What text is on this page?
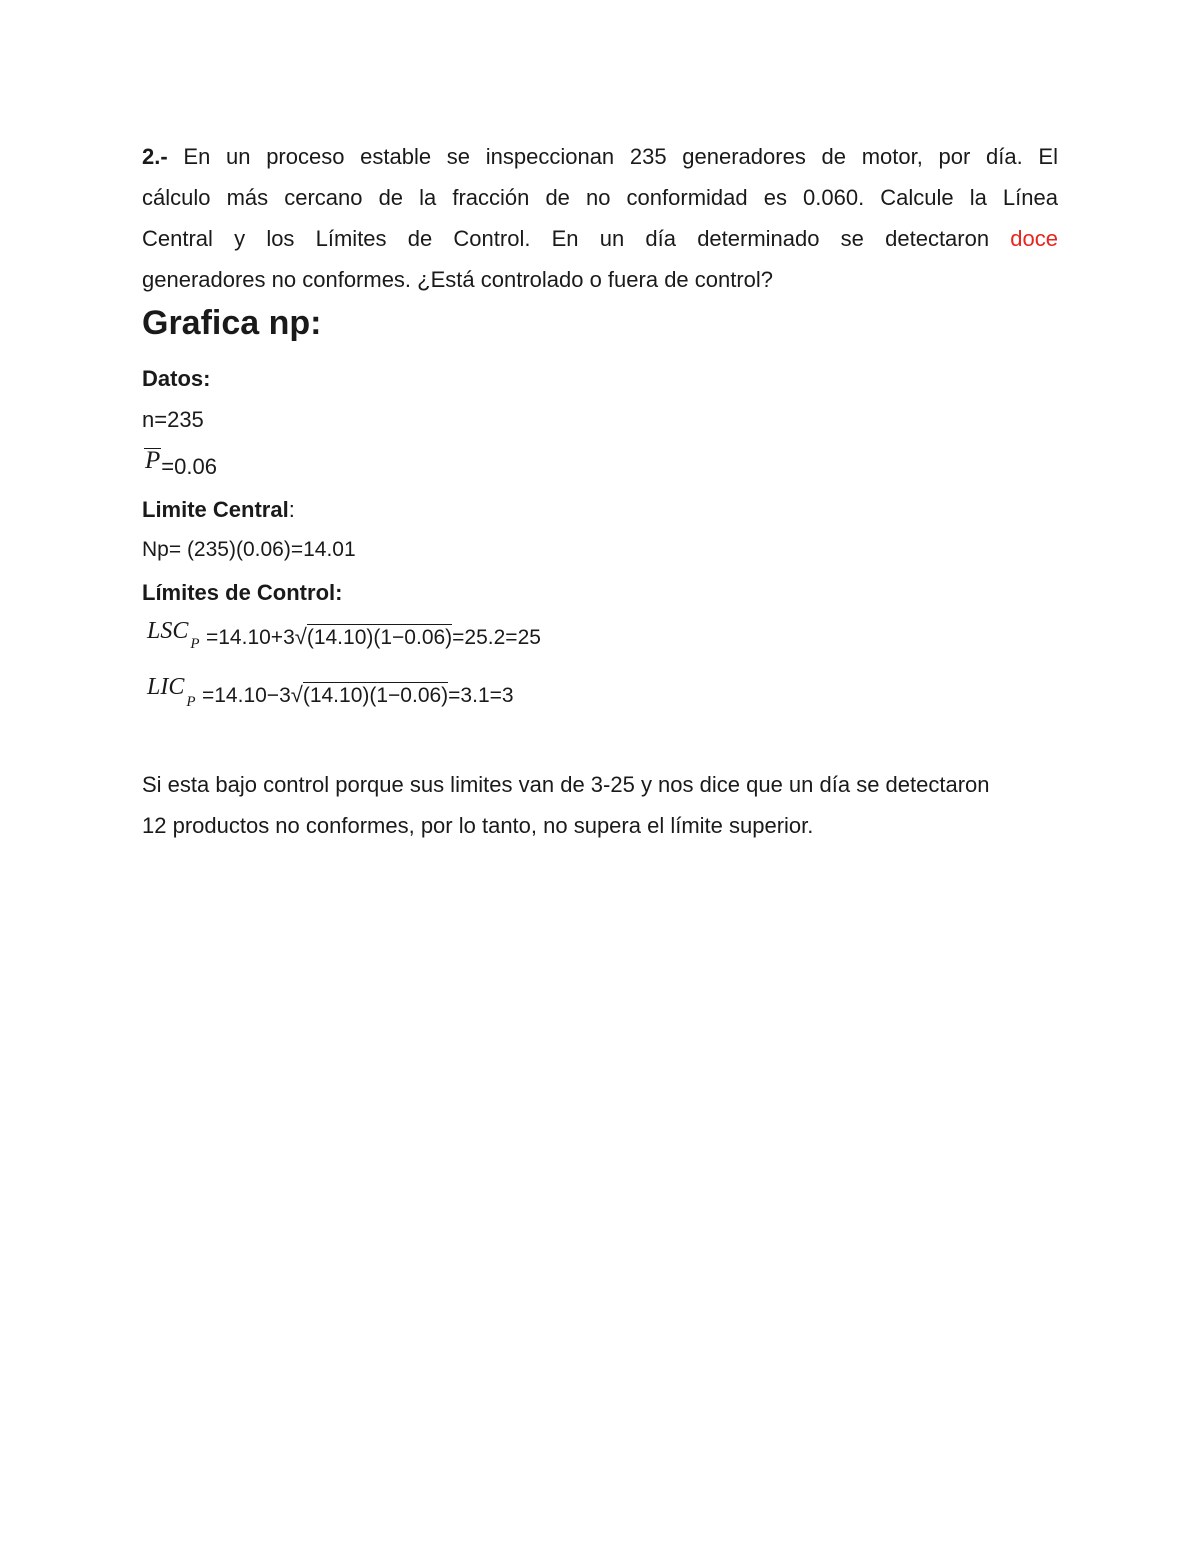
2.- En un proceso estable se inspeccionan 235 generadores de motor, por día. El
cálculo más cercano de la fracción de no conformidad es 0.060. Calcule la Línea
Central y los Límites de Control. En un día determinado se detectaron doce
generadores no conformes. ¿Está controlado o fuera de control?
Grafica np:
Datos:
n=235
P=0.06
Limite Central:
Np= (235)(0.06)=14.01
Límites de Control:
LSC P =14.10+3√(14.10)(1−0.06)=25.2=25
LICP =14.10−3√(14.10)(1−0.06)=3.1=3
Si esta bajo control porque sus limites van de 3-25 y nos dice que un día se detectaron
12 productos no conformes, por lo tanto, no supera el límite superior.
